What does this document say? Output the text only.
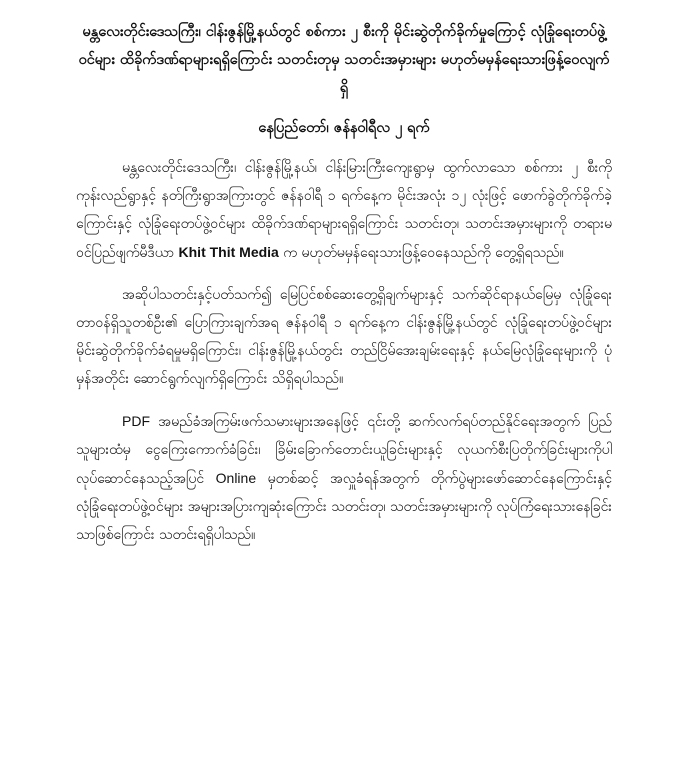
မန္တလေးတိုင်းဒေသကြီး၊ ငါန်းဇွန်မြို့နယ်တွင် စစ်ကား ၂ စီးကို မိုင်းဆွဲတိုက်ခိုက်မှုကြောင့် လုံခြုံရေးတပ်ဖွဲ့ဝင်များ ထိခိုက်ဒဏ်ရာများရရှိကြောင်း သတင်းတုမှ သတင်းအမှားများ မဟုတ်မမှန်ရေးသားဖြန့်ဝေလျက်ရှိ

နေပြည်တော်၊ ဇန်နဝါရီလ ၂ ရက်

မန္တလေးတိုင်းဒေသကြီး၊ ငါန်းဇွန်မြို့နယ်၊ ငါန်းမြားကြီးကျေးရွာမှ ထွက်လာသော စစ်ကား ၂ စီးကို ကုန်းလည်ရွာနှင့် နတ်ကြီးရွာအကြားတွင် ဇန်နဝါရီ ၁ ရက်နေ့က မိုင်းအလုံး ၁၂ လုံးဖြင့် ဖောက်ခွဲတိုက်ခိုက်ခဲ့ကြောင်းနှင့် လုံခြုံရေးတပ်ဖွဲ့ဝင်များ ထိခိုက်ဒဏ်ရာများရရှိကြောင်း သတင်းတု၊ သတင်းအမှားများကို တရားမဝင်ပြည်ဖျက်မီဒီယာ Khit Thit Media က မဟုတ်မမှန်ရေးသားဖြန့်ဝေနေသည်ကို တွေ့ရှိရသည်။

အဆိုပါသတင်းနှင့်ပတ်သက်၍ မြေပြင်စစ်ဆေးတွေ့ရှိချက်များနှင့် သက်ဆိုင်ရာနယ်မြေမှ လုံခြုံရေးတာဝန်ရှိသူတစ်ဦး၏ ပြောကြားချက်အရ ဇန်နဝါရီ ၁ ရက်နေ့က ငါန်းဇွန်မြို့နယ်တွင် လုံခြုံရေးတပ်ဖွဲ့ဝင်များ မိုင်းဆွဲတိုက်ခိုက်ခံရမှုမရှိကြောင်း၊ ငါန်းဇွန်မြို့နယ်တွင်း တည်ငြိမ်အေးချမ်းရေးနှင့် နယ်မြေလုံခြုံရေးများကို ပုံမှန်အတိုင်း ဆောင်ရွက်လျက်ရှိကြောင်း သိရှိရပါသည်။

PDF အမည်ခံအကြမ်းဖက်သမားများအနေဖြင့် ၎င်းတို့ ဆက်လက်ရပ်တည်နိုင်ရေးအတွက် ပြည်သူများထံမှ ငွေကြေးကောက်ခံခြင်း၊ ခြိမ်းခြောက်တောင်းယူခြင်းများနှင့် လုယက်စီးပြတိုက်ခြင်းများကိုပါ လုပ်ဆောင်နေသည့်အပြင် Online မှတစ်ဆင့် အလှူခံရန်အတွက် တိုက်ပွဲများဖော်ဆောင်နေကြောင်းနှင့် လုံခြုံရေးတပ်ဖွဲ့ဝင်များ အများအပြားကျဆုံးကြောင်း သတင်းတု၊ သတင်းအမှားများကို လုပ်ကြံရေးသားနေခြင်းသာဖြစ်ကြောင်း သတင်းရရှိပါသည်။
